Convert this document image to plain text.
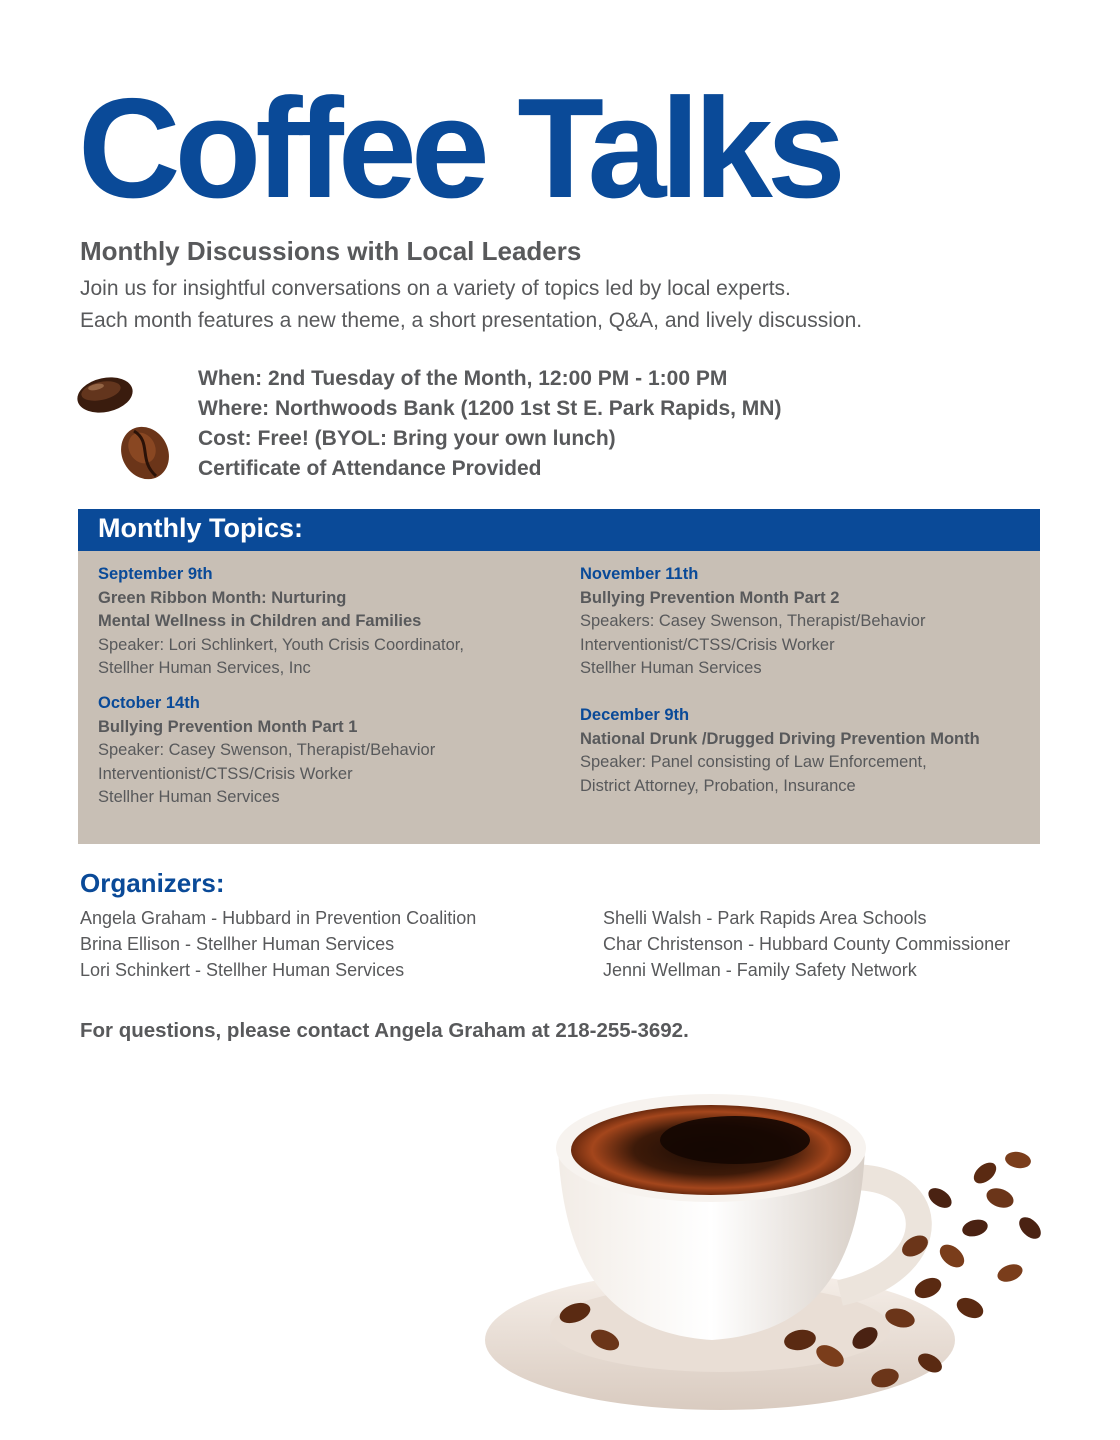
Coffee Talks
Monthly Discussions with Local Leaders
Join us for insightful conversations on a variety of topics led by local experts.
Each month features a new theme, a short presentation, Q&A, and lively discussion.
When: 2nd Tuesday of the Month, 12:00 PM - 1:00 PM
Where: Northwoods Bank (1200 1st St E. Park Rapids, MN)
Cost: Free! (BYOL: Bring your own lunch)
Certificate of Attendance Provided
Monthly Topics:
September 9th
Green Ribbon Month: Nurturing
Mental Wellness in Children and Families
Speaker: Lori Schlinkert, Youth Crisis Coordinator,
Stellher Human Services, Inc
October 14th
Bullying Prevention Month Part 1
Speaker: Casey Swenson, Therapist/Behavior
Interventionist/CTSS/Crisis Worker
Stellher Human Services
November 11th
Bullying Prevention Month Part 2
Speakers: Casey Swenson, Therapist/Behavior
Interventionist/CTSS/Crisis Worker
Stellher Human Services
December 9th
National Drunk /Drugged Driving Prevention Month
Speaker: Panel consisting of Law Enforcement,
District Attorney, Probation, Insurance
Organizers:
Angela Graham - Hubbard in Prevention Coalition
Brina Ellison - Stellher Human Services
Lori Schinkert - Stellher Human Services
Shelli Walsh - Park Rapids Area Schools
Char Christenson - Hubbard County Commissioner
Jenni Wellman - Family Safety Network
For questions, please contact Angela Graham at 218-255-3692.
